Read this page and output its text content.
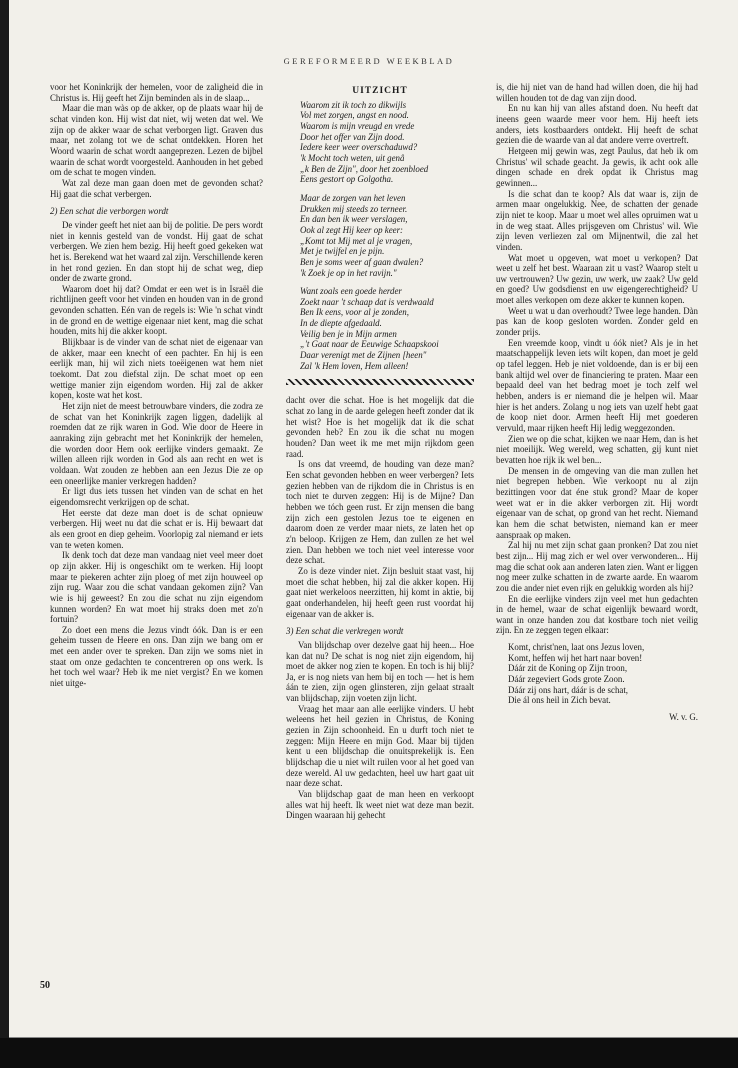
GEREFORMEERD WEEKBLAD

voor het Koninkrijk der hemelen, voor de zaligheid die in Christus is. Hij geeft het Zijn beminden als in de slaap...

Maar die man wàs op de akker, op de plaats waar hij de schat vinden kon. Hij wist dat niet, wij weten dat wel. We zijn op de akker waar de schat verborgen ligt. Graven dus maar, net zolang tot we de schat ontdekken. Horen het Woord waarin de schat wordt aangeprezen. Lezen de bijbel waarin de schat wordt voorgesteld. Aanhouden in het gebed om de schat te mogen vinden.

Wat zal deze man gaan doen met de gevonden schat? Hij gaat die schat verbergen.

2) Een schat die verborgen wordt

De vinder geeft het niet aan bij de politie. De pers wordt niet in kennis gesteld van de vondst. Hij gaat de schat verbergen. We zien hem bezig. Hij heeft goed gekeken wat het is. Berekend wat het waard zal zijn. Verschillende keren in het rond gezien. En dan stopt hij de schat weg, diep onder de zwarte grond.

Waarom doet hij dat? Omdat er een wet is in Israël die richtlijnen geeft voor het vinden en houden van in de grond gevonden schatten. Eén van de regels is: Wie 'n schat vindt in de grond en de wettige eigenaar niet kent, mag die schat houden, mits hij die akker koopt.

Blijkbaar is de vinder van de schat niet de eigenaar van de akker, maar een knecht of een pachter. En hij is een eerlijk man, hij wil zich niets toeëigenen wat hem niet toekomt. Dat zou diefstal zijn. De schat moet op een wettige manier zijn eigendom worden. Hij zal de akker kopen, koste wat het kost.

Het zijn niet de meest betrouwbare vinders, die zodra ze de schat van het Koninkrijk zagen liggen, dadelijk al roemden dat ze rijk waren in God. Wie door de Heere in aanraking zijn gebracht met het Koninkrijk der hemelen, die worden door Hem ook eerlijke vinders gemaakt. Ze willen alleen rijk worden in God als aan recht en wet is voldaan. Wat zouden ze hebben aan een Jezus Die ze op een oneerlijke manier verkregen hadden?

Er ligt dus iets tussen het vinden van de schat en het eigendomsrecht verkrijgen op de schat.

Het eerste dat deze man doet is de schat opnieuw verbergen. Hij weet nu dat die schat er is. Hij bewaart dat als een groot en diep geheim. Voorlopig zal niemand er iets van te weten komen.

Ik denk toch dat deze man vandaag niet veel meer doet op zijn akker. Hij is ongeschikt om te werken. Hij loopt maar te piekeren achter zijn ploeg of met zijn houweel op zijn rug. Waar zou die schat vandaan gekomen zijn? Van wie is hij geweest? En zou die schat nu zijn eigendom kunnen worden? En wat moet hij straks doen met zo'n fortuin?

Zo doet een mens die Jezus vindt óók. Dan is er een geheim tussen de Heere en ons. Dan zijn we bang om er met een ander over te spreken. Dan zijn we soms niet in staat om onze gedachten te concentreren op ons werk. Is het toch wel waar? Heb ik me niet vergist? En we komen niet uitge-

UITZICHT
Waarom zit ik toch zo dikwijls
Vol met zorgen, angst en nood.
Waarom is mijn vreugd en vrede
Door het offer van Zijn dood.
Iedere keer weer overschaduwd?
'k Mocht toch weten, uit genâ
„k Ben de Zijn", door het zoenbloed
Eens gestort op Golgotha.
Maar de zorgen van het leven
Drukken mij steeds zo terneer.
En dan ben ik weer verslagen,
Ook al zegt Hij keer op keer:
„Komt tot Mij met al je vragen,
Met je twijfel en je pijn.
Ben je soms weer af gaan dwalen?
'k Zoek je op in het ravijn."
Want zoals een goede herder
Zoekt naar 't schaap dat is verdwaald
Ben Ik eens, voor al je zonden,
In de diepte afgedaald.
Veilig ben je in Mijn armen
„'t Gaat naar de Eeuwige Schaapskooi
Daar verenigt met de Zijnen [heen"
Zal 'k Hem loven, Hem alleen!

dacht over die schat. Hoe is het mogelijk dat die schat zo lang in de aarde gelegen heeft zonder dat ik het wist? Hoe is het mogelijk dat ik die schat gevonden heb? En zou ik die schat nu mogen houden? Dan weet ik me met mijn rijkdom geen raad.

Is ons dat vreemd, de houding van deze man? Een schat gevonden hebben en weer verbergen? Iets gezien hebben van de rijkdom die in Christus is en toch niet te durven zeggen: Hij is de Mijne? Dan hebben we tóch geen rust. Er zijn mensen die bang zijn zich een gestolen Jezus toe te eigenen en daarom doen ze verder maar niets, ze laten het op z'n beloop. Krijgen ze Hem, dan zullen ze het wel zien. Dan hebben we toch niet veel interesse voor deze schat.

Zo is deze vinder niet. Zijn besluit staat vast, hij moet die schat hebben, hij zal die akker kopen. Hij gaat niet werkeloos neerzitten, hij komt in aktie, bij gaat onderhandelen, hij heeft geen rust voordat hij eigenaar van de akker is.

3) Een schat die verkregen wordt

Van blijdschap over dezelve gaat hij heen... Hoe kan dat nu? De schat is nog niet zijn eigendom, hij moet de akker nog zien te kopen. En toch is hij blij? Ja, er is nog niets van hem bij en toch — het is hem áán te zien, zijn ogen glinsteren, zijn gelaat straalt van blijdschap, zijn voeten zijn licht.

Vraag het maar aan alle eerlijke vinders. U hebt weleens het heil gezien in Christus, de Koning gezien in Zijn schoonheid. En u durft toch niet te zeggen: Mijn Heere en mijn God. Maar bij tijden kent u een blijdschap die onuitsprekelijk is. Een blijdschap die u niet wilt ruilen voor al het goed van deze wereld. Al uw gedachten, heel uw hart gaat uit naar deze schat.

Van blijdschap gaat de man heen en verkoopt alles wat hij heeft. Ik weet niet wat deze man bezit. Dingen waaraan hij gehecht

is, die hij niet van de hand had willen doen, die hij had willen houden tot de dag van zijn dood.

En nu kan hij van alles afstand doen. Nu heeft dat ineens geen waarde meer voor hem. Hij heeft iets anders, iets kostbaarders ontdekt. Hij heeft de schat gezien die de waarde van al dat andere verre overtreft.

Hetgeen mij gewin was, zegt Paulus, dat heb ik om Christus' wil schade geacht. Ja gewis, ik acht ook alle dingen schade en drek opdat ik Christus mag gewinnen...

Is die schat dan te koop? Als dat waar is, zijn de armen maar ongelukkig. Nee, de schatten der genade zijn niet te koop. Maar u moet wel alles opruimen wat u in de weg staat. Alles prijsgeven om Christus' wil. Wie zijn leven verliezen zal om Mijnentwil, die zal het vinden.

Wat moet u opgeven, wat moet u verkopen? Dat weet u zelf het best. Waaraan zit u vast? Waarop stelt u uw vertrouwen? Uw gezin, uw werk, uw zaak? Uw geld en goed? Uw godsdienst en uw eigengerechtigheid? U moet alles verkopen om deze akker te kunnen kopen.

Weet u wat u dan overhoudt? Twee lege handen. Dàn pas kan de koop gesloten worden. Zonder geld en zonder prijs.

Een vreemde koop, vindt u óók niet? Als je in het maatschappelijk leven iets wilt kopen, dan moet je geld op tafel leggen. Heb je niet voldoende, dan is er bij een bank altijd wel over de financiering te praten. Maar een bepaald deel van het bedrag moet je toch zelf wel hebben, anders is er niemand die je helpen wil. Maar hier is het anders. Zolang u nog iets van uzelf hebt gaat de koop niet door. Armen heeft Hij met goederen vervuld, maar rijken heeft Hij ledig weggezonden.

Zien we op die schat, kijken we naar Hem, dan is het niet moeilijk. Weg wereld, weg schatten, gij kunt niet bevatten hoe rijk ik wel ben...

De mensen in de omgeving van die man zullen het niet begrepen hebben. Wie verkoopt nu al zijn bezittingen voor dat éne stuk grond? Maar de koper weet wat er in die akker verborgen zit. Hij wordt eigenaar van de schat, op grond van het recht. Niemand kan hem die schat betwisten, niemand kan er meer aanspraak op maken.

Zal hij nu met zijn schat gaan pronken? Dat zou niet best zijn... Hij mag zich er wel over verwonderen... Hij mag die schat ook aan anderen laten zien. Want er liggen nog meer zulke schatten in de zwarte aarde. En waarom zou die ander niet even rijk en gelukkig worden als hij?

En die eerlijke vinders zijn veel met hun gedachten in de hemel, waar de schat eigenlijk bewaard wordt, want in onze handen zou dat kostbare toch niet veilig zijn. En ze zeggen tegen elkaar:

Komt, christ'nen, laat ons Jezus loven,
Komt, heffen wij het hart naar boven!
Dáár zit de Koning op Zijn troon,
Dáár zegeviert Gods grote Zoon.
Dáár zij ons hart, dáár is de schat,
Die ál ons heil in Zich bevat.
W. v. G.
50
